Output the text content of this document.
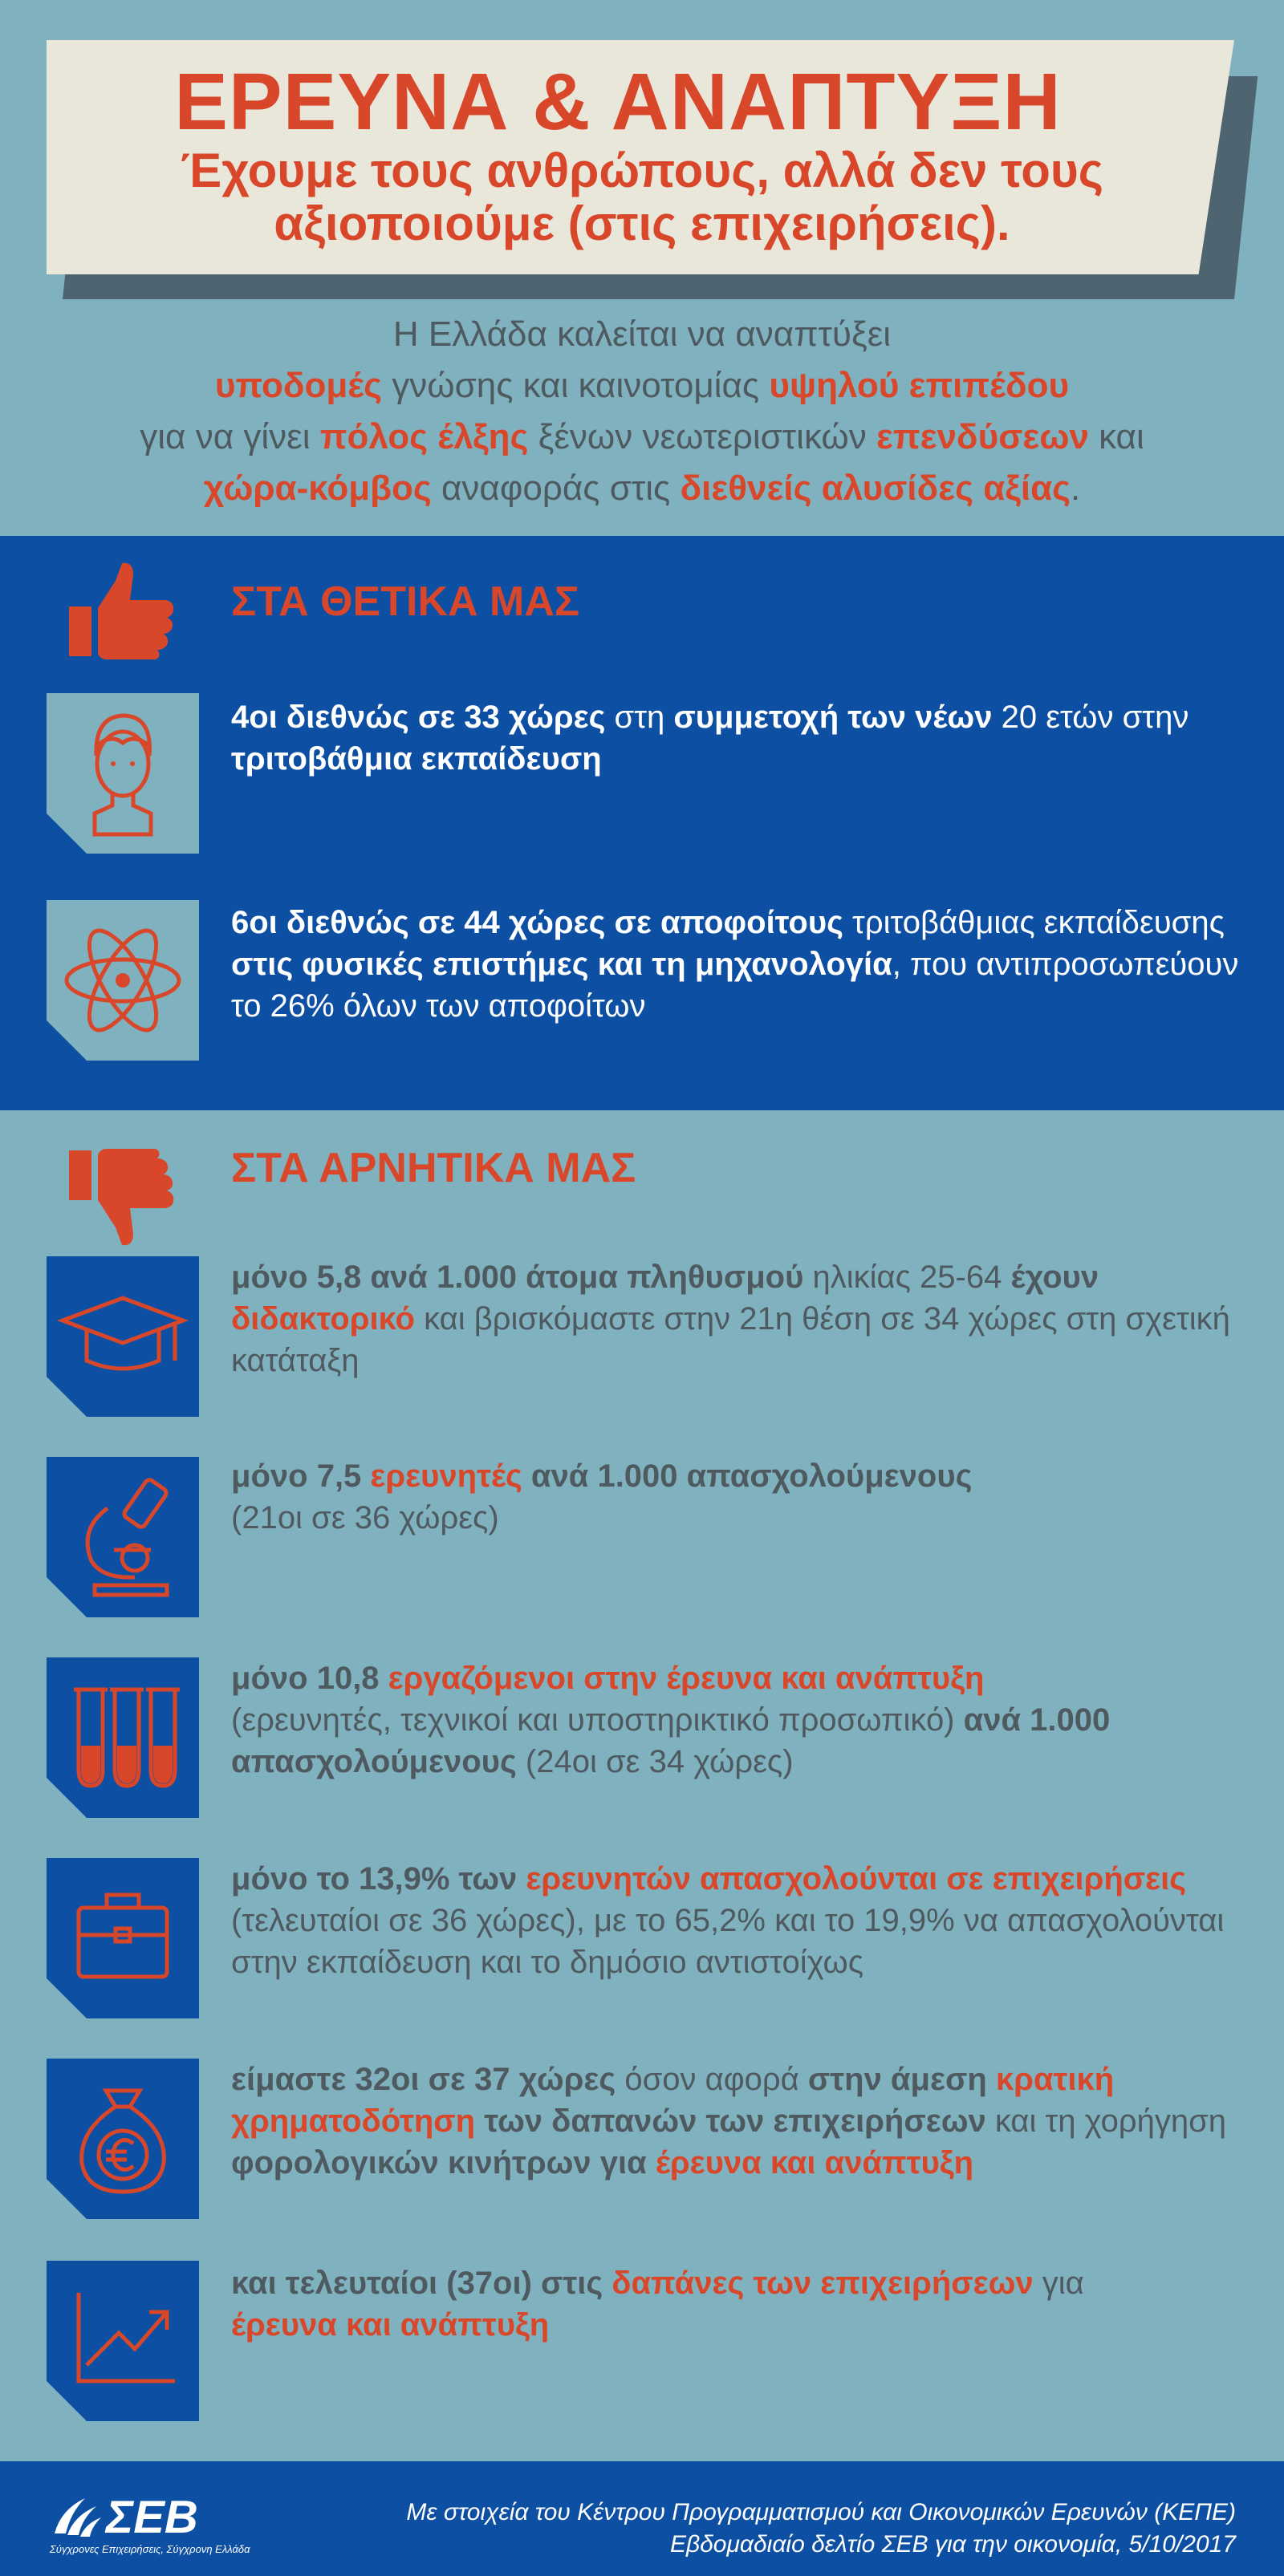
ΕΡΕΥΝΑ & ΑΝΑΠΤΥΞΗ
Έχουμε τους ανθρώπους, αλλά δεν τους
αξιοποιούμε (στις επιχειρήσεις).
Η Ελλάδα καλείται να αναπτύξει
υποδομές γνώσης και καινοτομίας υψηλού επιπέδου
για να γίνει πόλος έλξης ξένων νεωτεριστικών επενδύσεων και
χώρα-κόμβος αναφοράς στις διεθνείς αλυσίδες αξίας.
ΣΤΑ ΘΕΤΙΚΑ ΜΑΣ
4οι διεθνώς σε 33 χώρες στη συμμετοχή των νέων 20 ετών στην τριτοβάθμια εκπαίδευση
6οι διεθνώς σε 44 χώρες σε αποφοίτους τριτοβάθμιας εκπαίδευσης στις φυσικές επιστήμες και τη μηχανολογία, που αντιπροσωπεύουν το 26% όλων των αποφοίτων
ΣΤΑ ΑΡΝΗΤΙΚΑ ΜΑΣ
μόνο 5,8 ανά 1.000 άτομα πληθυσμού ηλικίας 25-64 έχουν διδακτορικό και βρισκόμαστε στην 21η θέση σε 34 χώρες στη σχετική κατάταξη
μόνο 7,5 ερευνητές ανά 1.000 απασχολούμενους
(21οι σε 36 χώρες)
μόνο 10,8 εργαζόμενοι στην έρευνα και ανάπτυξη
(ερευνητές, τεχνικοί και υποστηρικτικό προσωπικό) ανά 1.000 απασχολούμενους (24οι σε 34 χώρες)
μόνο το 13,9% των ερευνητών απασχολούνται σε επιχειρήσεις
(τελευταίοι σε 36 χώρες), με το 65,2% και το 19,9% να απασχολούνται στην εκπαίδευση και το δημόσιο αντιστοίχως
είμαστε 32οι σε 37 χώρες όσον αφορά στην άμεση κρατική χρηματοδότηση των δαπανών των επιχειρήσεων και τη χορήγηση φορολογικών κινήτρων για έρευνα και ανάπτυξη
και τελευταίοι (37οι) στις δαπάνες των επιχειρήσεων για
έρευνα και ανάπτυξη
ΣΕΒ
Σύγχρονες Επιχειρήσεις, Σύγχρονη Ελλάδα
Με στοιχεία του Κέντρου Προγραμματισμού και Οικονομικών Ερευνών (ΚΕΠΕ)
Εβδομαδιαίο δελτίο ΣΕΒ για την οικονομία, 5/10/2017
